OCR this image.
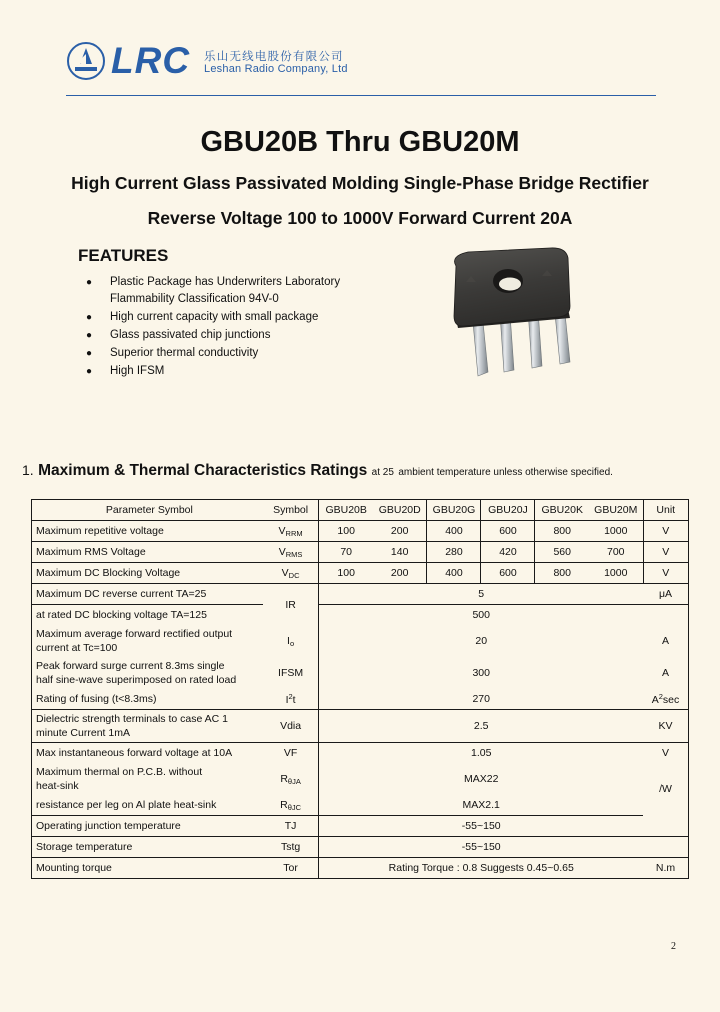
LRC 乐山无线电股份有限公司
Leshan Radio Company, Ltd
GBU20B Thru GBU20M
High Current Glass Passivated Molding Single-Phase Bridge Rectifier
Reverse Voltage 100 to 1000V Forward Current 20A
FEATURES
●	Plastic Package has Underwriters Laboratory
Flammability Classification 94V-0
●	High current capacity with small package
●	Glass passivated chip junctions
●	Superior thermal conductivity
●	High IFSM
1. Maximum & Thermal Characteristics Ratings at 25 ambient temperature unless otherwise specified.
Parameter Symbol	Symbol	GBU20B	GBU20D	GBU20G	GBU20J	GBU20K	GBU20M	Unit
Maximum repetitive voltage	$V_{RRM}$	100	200	400	600	800	1000	V
Maximum RMS Voltage	$V_{RMS}$	70	140	280	420	560	700	V
Maximum DC Blocking Voltage	$V_{DC}$	100	200	400	600	800	1000	V
Maximum DC reverse current TA=25	IR	5						μA
at rated DC blocking voltage TA=125		500						
Maximum average forward rectified output
current at Tc=100	$I_o$	20						A
Peak forward surge current 8.3ms single
half sine-wave superimposed on rated load	IFSM	300						A
Rating of fusing (t<8.3ms)	$I^2t$	270						$A^2\sec$
Dielectric strength terminals to case AC 1
minute Current 1mA	Vdia	2.5						KV
Max instantaneous forward voltage at 10A	VF	1.05						V
Maximum thermal on P.C.B. without
heat-sink	$R_{\theta JA}$	MAX22						/W
resistance per leg on Al plate heat-sink	$R_{\theta JC}$	MAX2.1						
Operating junction temperature	TJ	-55~150						
Storage temperature	Tstg	-55~150						
Mounting torque	Tor	Rating Torque : 0.8 Suggests 0.45~0.65						N.m
2
